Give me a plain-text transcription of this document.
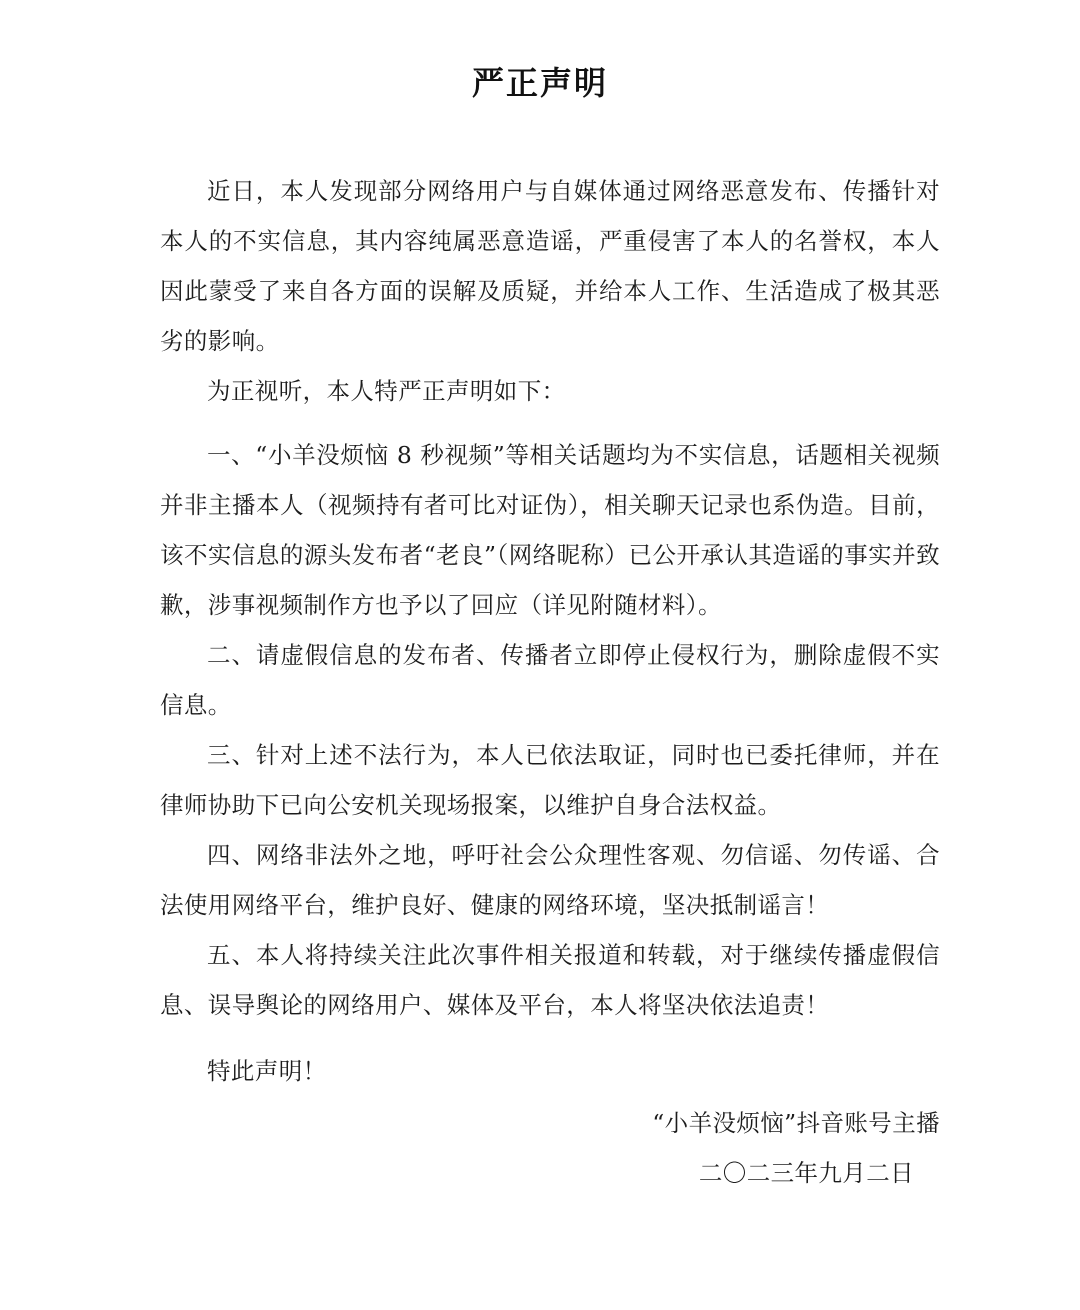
严正声明

近日，本人发现部分网络用户与自媒体通过网络恶意发布、传播针对本人的不实信息，其内容纯属恶意造谣，严重侵害了本人的名誉权，本人因此蒙受了来自各方面的误解及质疑，并给本人工作、生活造成了极其恶劣的影响。

为正视听，本人特严正声明如下：

一、“小羊没烦恼 8 秒视频”等相关话题均为不实信息，话题相关视频并非主播本人（视频持有者可比对证伪），相关聊天记录也系伪造。目前，该不实信息的源头发布者“老良”（网络昵称）已公开承认其造谣的事实并致歉，涉事视频制作方也予以了回应（详见附随材料）。

二、请虚假信息的发布者、传播者立即停止侵权行为，删除虚假不实信息。

三、针对上述不法行为，本人已依法取证，同时也已委托律师，并在律师协助下已向公安机关现场报案，以维护自身合法权益。

四、网络非法外之地，呼吁社会公众理性客观、勿信谣、勿传谣、合法使用网络平台，维护良好、健康的网络环境，坚决抵制谣言！

五、本人将持续关注此次事件相关报道和转载，对于继续传播虚假信息、误导舆论的网络用户、媒体及平台，本人将坚决依法追责！

特此声明！

“小羊没烦恼”抖音账号主播
二〇二三年九月二日
